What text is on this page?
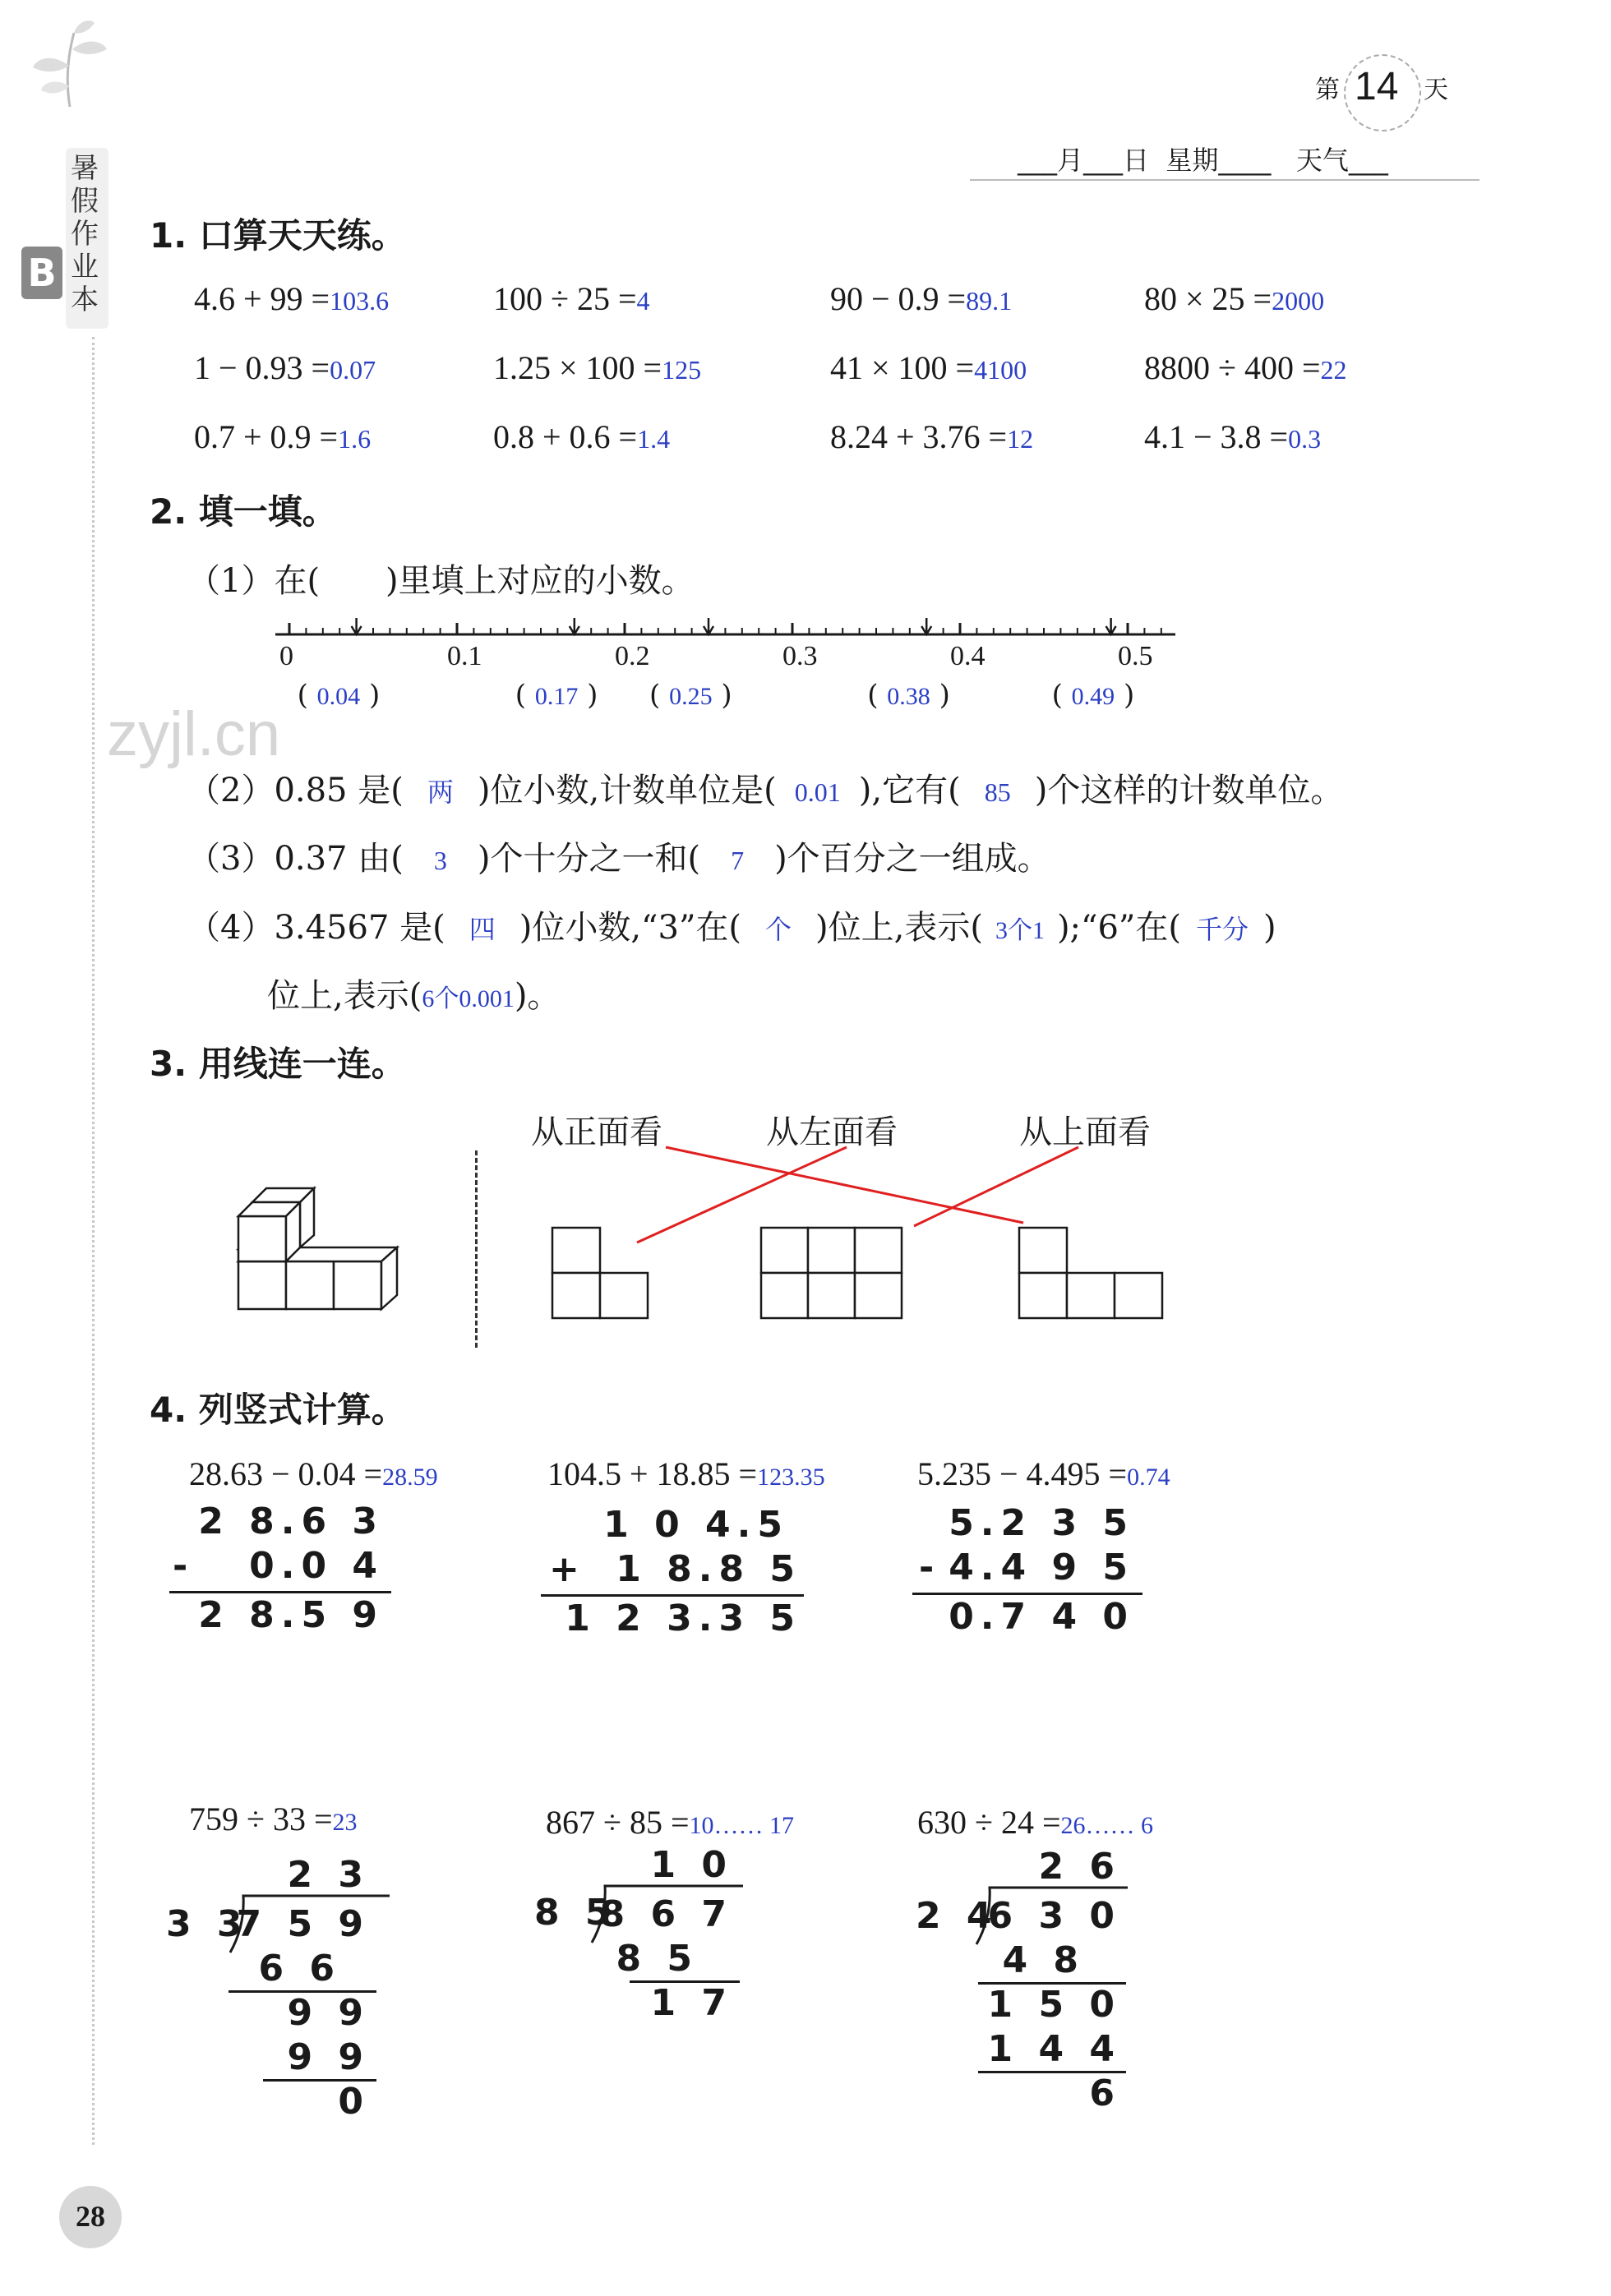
暑假作业本
B
第 14 天
___月___日  星期____   天气___
zyjl.cn
1. 口算天天练。
4.6 + 99 =103.6	100 ÷ 25 =4	90 − 0.9 =89.1	80 × 25 =2000
1 − 0.93 =0.07	1.25 × 100 =125	41 × 100 =4100	8800 ÷ 400 =22
0.7 + 0.9 =1.6	0.8 + 0.6 =1.4	8.24 + 3.76 =12	4.1 − 3.8 =0.3
2. 填一填。
（1）在(　　)里填上对应的小数。
0	0.1	0.2	0.3	0.4	0.5
( 0.04 )	( 0.17 ) ( 0.25 )	( 0.38 )	( 0.49 )
（2）0.85 是( 两 )位小数,计数单位是( 0.01 ),它有( 85 )个这样的计数单位。
（3）0.37 由( 3 )个十分之一和( 7 )个百分之一组成。
（4）3.4567 是( 四 )位小数,“3”在( 个 )位上,表示( 3个1 );“6”在( 千分 )
位上,表示(6个0.001)。
3. 用线连一连。
从正面看	从左面看	从上面看
4. 列竖式计算。
28.63 − 0.04 =28.59
2 8.6 3
- 0.0 4
2 8.5 9
104.5 + 18.85 =123.35
1 0 4.5
+ 1 8.8 5
1 2 3.3 5
5.235 − 4.495 =0.74
5.2 3 5
- 4.4 9 5
0.7 4 0
759 ÷ 33 =23
2 3
3 3
7 5 9
6 6
9 9
9 9
0
867 ÷ 85 =10…… 17
1 0
8 5
8 6 7
8 5
1 7
630 ÷ 24 =26…… 6
2 6
2 4
6 3 0
4 8
1 5 0
1 4 4
6
28
